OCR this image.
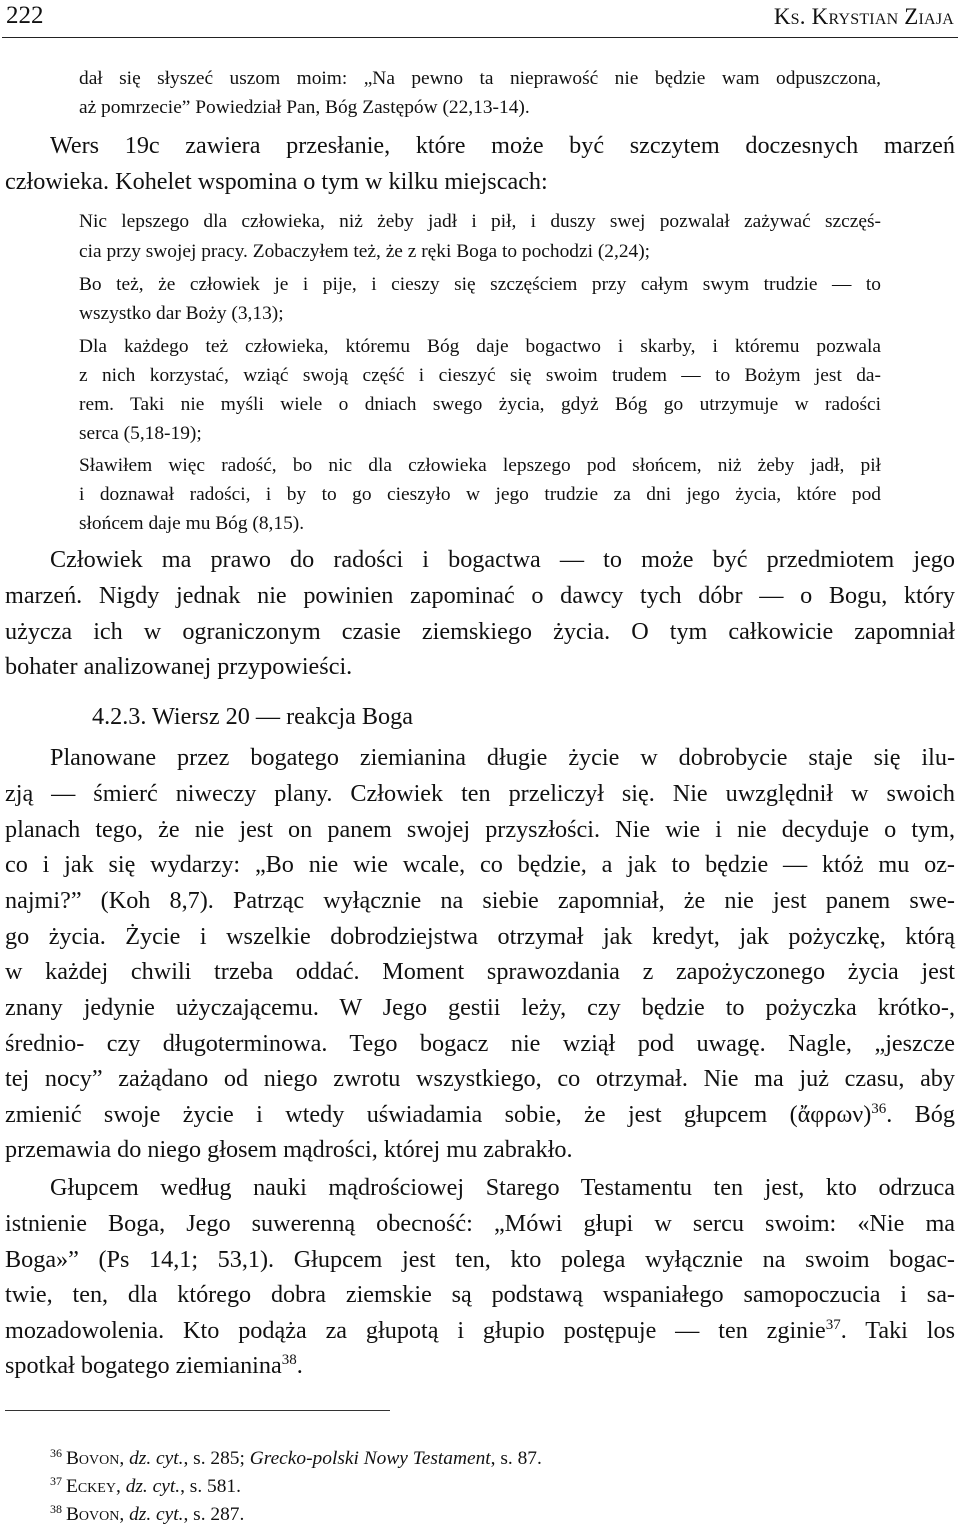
222	Ks. Krystian Ziaja
dał się słyszeć uszom moim: „Na pewno ta nieprawość nie będzie wam odpuszczona,
aż pomrzecie” Powiedział Pan, Bóg Zastępów (22,13-14).
Wers 19c zawiera przesłanie, które może być szczytem doczesnych marzeń
człowieka. Kohelet wspomina o tym w kilku miejscach:
Nic lepszego dla człowieka, niż żeby jadł i pił, i duszy swej pozwalał zażywać szczęś-
cia przy swojej pracy. Zobaczyłem też, że z ręki Boga to pochodzi (2,24);
Bo też, że człowiek je i pije, i cieszy się szczęściem przy całym swym trudzie — to
wszystko dar Boży (3,13);
Dla każdego też człowieka, któremu Bóg daje bogactwo i skarby, i któremu pozwala
z nich korzystać, wziąć swoją część i cieszyć się swoim trudem — to Bożym jest da-
rem. Taki nie myśli wiele o dniach swego życia, gdyż Bóg go utrzymuje w radości
serca (5,18-19);
Sławiłem więc radość, bo nic dla człowieka lepszego pod słońcem, niż żeby jadł, pił
i doznawał radości, i by to go cieszyło w jego trudzie za dni jego życia, które pod
słońcem daje mu Bóg (8,15).
Człowiek ma prawo do radości i bogactwa — to może być przedmiotem jego
marzeń. Nigdy jednak nie powinien zapominać o dawcy tych dóbr — o Bogu, który
użycza ich w ograniczonym czasie ziemskiego życia. O tym całkowicie zapomniał
bohater analizowanej przypowieści.
4.2.3. Wiersz 20 — reakcja Boga
Planowane przez bogatego ziemianina długie życie w dobrobycie staje się ilu-
zją — śmierć niweczy plany. Człowiek ten przeliczył się. Nie uwzględnił w swoich
planach tego, że nie jest on panem swojej przyszłości. Nie wie i nie decyduje o tym,
co i jak się wydarzy: „Bo nie wie wcale, co będzie, a jak to będzie — któż mu oz-
najmi?” (Koh 8,7). Patrząc wyłącznie na siebie zapomniał, że nie jest panem swe-
go życia. Życie i wszelkie dobrodziejstwa otrzymał jak kredyt, jak pożyczkę, którą
w każdej chwili trzeba oddać. Moment sprawozdania z zapożyczonego życia jest
znany jedynie użyczającemu. W Jego gestii leży, czy będzie to pożyczka krótko-,
średnio- czy długoterminowa. Tego bogacz nie wziął pod uwagę. Nagle, „jeszcze
tej nocy” zażądano od niego zwrotu wszystkiego, co otrzymał. Nie ma już czasu, aby
zmienić swoje życie i wtedy uświadamia sobie, że jest głupcem (ἄφρων)$^{36}$. Bóg
przemawia do niego głosem mądrości, której mu zabrakło.
Głupcem według nauki mądrościowej Starego Testamentu ten jest, kto odrzuca
istnienie Boga, Jego suwerenną obecność: „Mówi głupi w sercu swoim: «Nie ma
Boga»” (Ps 14,1; 53,1). Głupcem jest ten, kto polega wyłącznie na swoim bogac-
twie, ten, dla którego dobra ziemskie są podstawą wspaniałego samopoczucia i sa-
mozadowolenia. Kto podąża za głupotą i głupio postępuje — ten zginie$^{37}$. Taki los
spotkał bogatego ziemianina$^{38}$.
$^{36}$ Bovon, dz. cyt., s. 285; Grecko-polski Nowy Testament, s. 87.
$^{37}$ Eckey, dz. cyt., s. 581.
$^{38}$ Bovon, dz. cyt., s. 287.
